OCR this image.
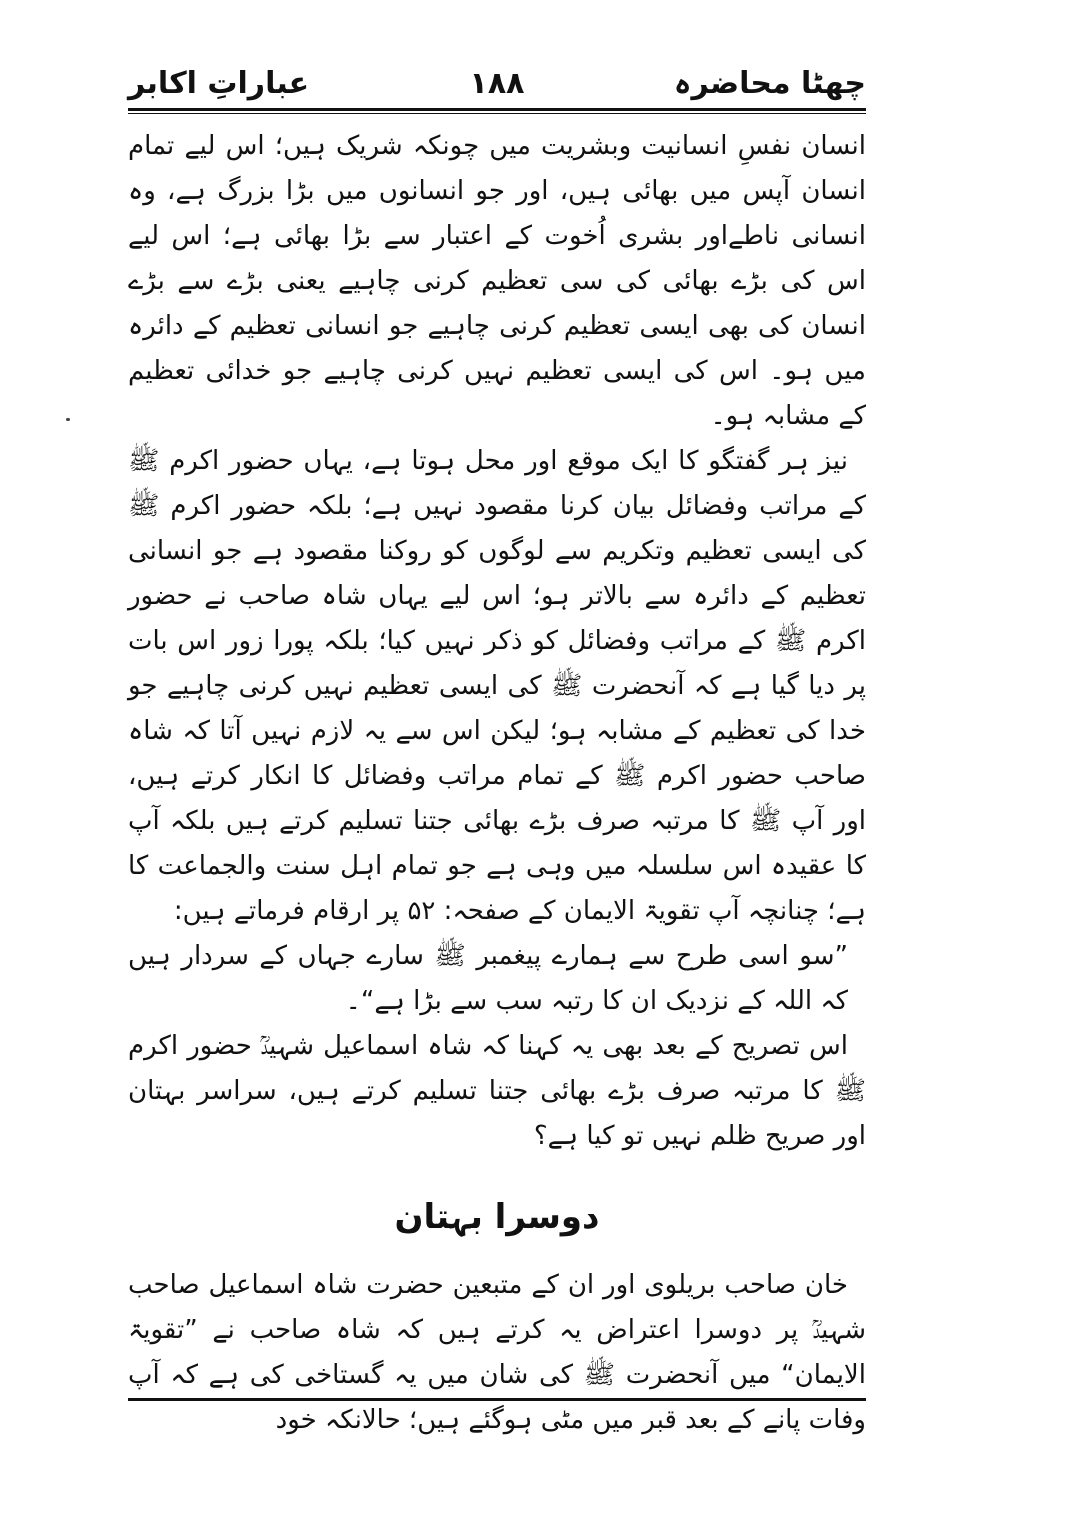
چھٹا محاضرہ
۱۸۸
عباراتِ اکابر

انسان نفسِ انسانیت وبشریت میں چونکہ شریک ہیں؛ اس لیے تمام انسان آپس میں بھائی ہیں، اور جو انسانوں میں بڑا بزرگ ہے، وہ انسانی ناطےاور بشری اُخوت کے اعتبار سے بڑا بھائی ہے؛ اس لیے اس کی بڑے بھائی کی سی تعظیم کرنی چاہیے یعنی بڑے سے بڑے انسان کی بھی ایسی تعظیم کرنی چاہیے جو انسانی تعظیم کے دائرہ میں ہو۔ اس کی ایسی تعظیم نہیں کرنی چاہیے جو خدائی تعظیم کے مشابہ ہو۔

نیز ہر گفتگو کا ایک موقع اور محل ہوتا ہے، یہاں حضور اکرم ﷺ کے مراتب وفضائل بیان کرنا مقصود نہیں ہے؛ بلکہ حضور اکرم ﷺ کی ایسی تعظیم وتکریم سے لوگوں کو روکنا مقصود ہے جو انسانی تعظیم کے دائرہ سے بالاتر ہو؛ اس لیے یہاں شاہ صاحب نے حضور اکرم ﷺ کے مراتب وفضائل کو ذکر نہیں کیا؛ بلکہ پورا زور اس بات پر دیا گیا ہے کہ آنحضرت ﷺ کی ایسی تعظیم نہیں کرنی چاہیے جو خدا کی تعظیم کے مشابہ ہو؛ لیکن اس سے یہ لازم نہیں آتا کہ شاہ صاحب حضور اکرم ﷺ کے تمام مراتب وفضائل کا انکار کرتے ہیں، اور آپ ﷺ کا مرتبہ صرف بڑے بھائی جتنا تسلیم کرتے ہیں بلکہ آپ کا عقیدہ اس سلسلہ میں وہی ہے جو تمام اہل سنت والجماعت کا ہے؛ چنانچہ آپ تقویۃ الایمان کے صفحہ: ۵۲ پر ارقام فرماتے ہیں:

”سو اسی طرح سے ہمارے پیغمبر ﷺ سارے جہاں کے سردار ہیں کہ اللہ کے نزدیک ان کا رتبہ سب سے بڑا ہے“۔

اس تصریح کے بعد بھی یہ کہنا کہ شاہ اسماعیل شہیدؒ حضور اکرم ﷺ کا مرتبہ صرف بڑے بھائی جتنا تسلیم کرتے ہیں، سراسر بہتان اور صریح ظلم نہیں تو کیا ہے؟

دوسرا بہتان

خان صاحب بریلوی اور ان کے متبعین حضرت شاہ اسماعیل صاحب شہیدؒ پر دوسرا اعتراض یہ کرتے ہیں کہ شاہ صاحب نے ”تقویۃ الایمان“ میں آنحضرت ﷺ کی شان میں یہ گستاخی کی ہے کہ آپ وفات پانے کے بعد قبر میں مٹی ہوگئے ہیں؛ حالانکہ خود
